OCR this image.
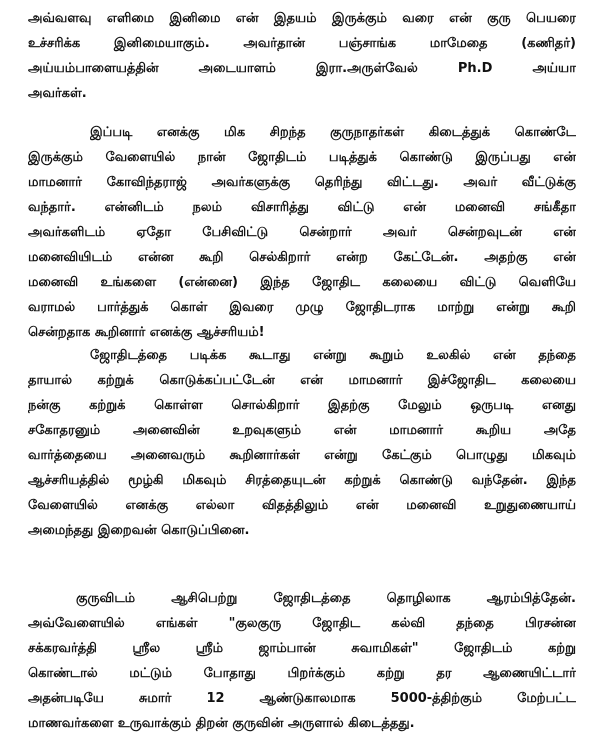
அவ்வளவு எளிமை இனிமை என் இதயம் இருக்கும் வரை என் குரு பெயரை
உச்சரிக்க இனிமையாகும். அவர்தான் பஞ்சாங்க மாமேதை (கணிதர்)
அய்யம்பாளையத்தின் அடையாளம் இரா.அருள்வேல் Ph.D அய்யா
அவர்கள்.
இப்படி எனக்கு மிக சிறந்த குருநாதர்கள் கிடைத்துக் கொண்டே
இருக்கும் வேளையில் நான் ஜோதிடம் படித்துக் கொண்டு இருப்பது என்
மாமனார் கோவிந்தராஜ் அவர்களுக்கு தெரிந்து விட்டது. அவர் வீட்டுக்கு
வந்தார். என்னிடம் நலம் விசாரித்து விட்டு என் மனைவி சங்கீதா
அவர்களிடம் ஏதோ பேசிவிட்டு சென்றார் அவர் சென்றவுடன் என்
மனைவியிடம் என்ன கூறி செல்கிறார் என்ற கேட்டேன். அதற்கு என்
மனைவி உங்களை (என்னை) இந்த ஜோதிட கலையை விட்டு வெளியே
வராமல் பார்த்துக் கொள் இவரை முழு ஜோதிடராக மாற்று என்று கூறி
சென்றதாக கூறினார் எனக்கு ஆச்சரியம்!
ஜோதிடத்தை படிக்க கூடாது என்று கூறும் உலகில் என் தந்தை
தாயால் கற்றுக் கொடுக்கப்பட்டேன் என் மாமனார் இச்ஜோதிட கலையை
நன்கு கற்றுக் கொள்ள சொல்கிறார் இதற்கு மேலும் ஒருபடி எனது
சகோதரனும் அனைவின் உறவுகளும் என் மாமனார் கூறிய அதே
வார்த்தையை அனைவரும் கூறினார்கள் என்று கேட்கும் பொழுது மிகவும்
ஆச்சரியத்தில் மூழ்கி மிகவும் சிரத்தையுடன் கற்றுக் கொண்டு வந்தேன். இந்த
வேளையில் எனக்கு எல்லா விதத்திலும் என் மனைவி உறுதுணையாய்
அமைந்தது இறைவன் கொடுப்பினை.
குருவிடம் ஆசிபெற்று ஜோதிடத்தை தொழிலாக ஆரம்பித்தேன்.
அவ்வேளையில் எங்கள் "குலகுரு ஜோதிட கல்வி தந்தை பிரசன்ன
சக்கரவர்த்தி ஸ்ரீல ஸ்ரீம் ஜாம்பான் சுவாமிகள்" ஜோதிடம் கற்று
கொண்டால் மட்டும் போதாது பிறர்க்கும் கற்று தர ஆணையிட்டார்
அதன்படியே சுமார் 12 ஆண்டுகாலமாக 5000-த்திற்கும் மேற்பட்ட
மாணவர்களை உருவாக்கும் திறன் குருவின் அருளால் கிடைத்தது.
